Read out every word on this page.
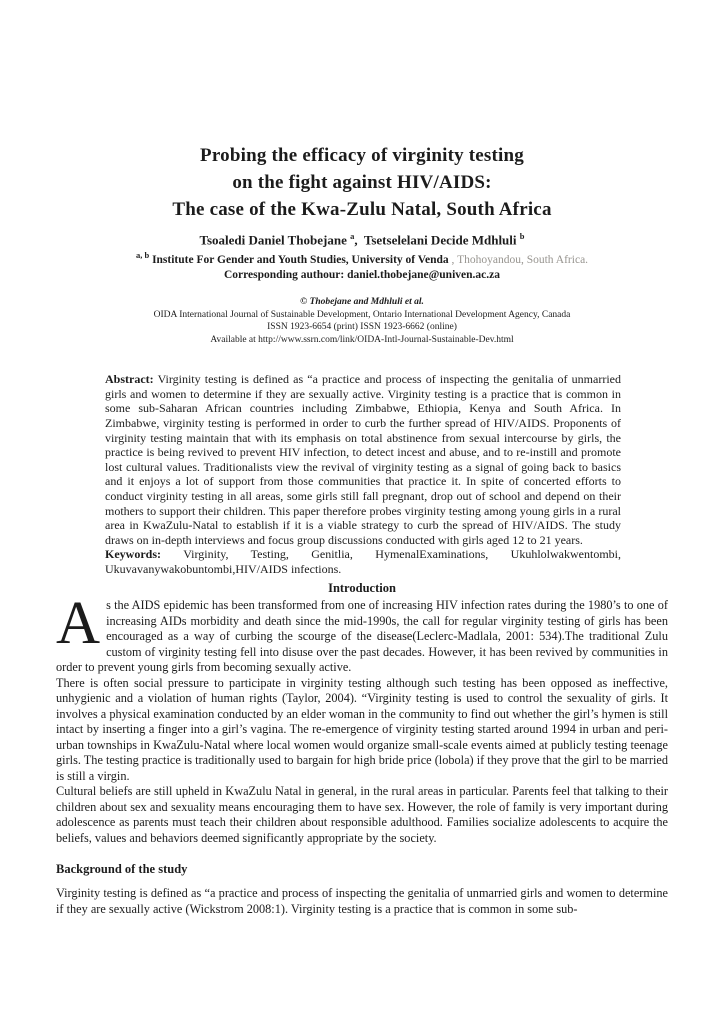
Probing the efficacy of virginity testing
on the fight against HIV/AIDS:
The case of the Kwa-Zulu Natal, South Africa
Tsoaledi Daniel Thobejane $^a$,  Tsetselelani Decide Mdhluli $^b$
$^{a, b}$ Institute For Gender and Youth Studies, University of Venda , Thohoyandou, South Africa.
Corresponding authour: daniel.thobejane@univen.ac.za
© Thobejane and Mdhluli et al.
OIDA International Journal of Sustainable Development, Ontario International Development Agency, Canada
ISSN 1923-6654 (print) ISSN 1923-6662 (online)
Available at http://www.ssrn.com/link/OIDA-Intl-Journal-Sustainable-Dev.html

Abstract: Virginity testing is defined as “a practice and process of inspecting the genitalia of unmarried girls and women to determine if they are sexually active. Virginity testing is a practice that is common in some sub-Saharan African countries including Zimbabwe, Ethiopia, Kenya and South Africa. In Zimbabwe, virginity testing is performed in order to curb the further spread of HIV/AIDS. Proponents of virginity testing maintain that with its emphasis on total abstinence from sexual intercourse by girls, the practice is being revived to prevent HIV infection, to detect incest and abuse, and to re-instill and promote lost cultural values. Traditionalists view the revival of virginity testing as a signal of going back to basics and it enjoys a lot of support from those communities that practice it. In spite of concerted efforts to conduct virginity testing in all areas, some girls still fall pregnant, drop out of school and depend on their mothers to support their children. This paper therefore probes virginity testing among young girls in a rural area in KwaZulu-Natal to establish if it is a viable strategy to curb the spread of HIV/AIDS. The study draws on in-depth interviews and focus group discussions conducted with girls aged 12 to 21 years.

Keywords: Virginity, Testing, Genitlia, HymenalExaminations, Ukuhlolwakwentombi, Ukuvavanywakobuntombi,HIV/AIDS infections.

Introduction

As the AIDS epidemic has been transformed from one of increasing HIV infection rates during the 1980’s to one of increasing AIDs morbidity and death since the mid-1990s, the call for regular virginity testing of girls has been encouraged as a way of curbing the scourge of the disease(Leclerc-Madlala, 2001: 534).The traditional Zulu custom of virginity testing fell into disuse over the past decades. However, it has been revived by communities in order to prevent young girls from becoming sexually active.

There is often social pressure to participate in virginity testing although such testing has been opposed as ineffective, unhygienic and a violation of human rights (Taylor, 2004). “Virginity testing is used to control the sexuality of girls. It involves a physical examination conducted by an elder woman in the community to find out whether the girl’s hymen is still intact by inserting a finger into a girl’s vagina. The re-emergence of virginity testing started around 1994 in urban and peri-urban townships in KwaZulu-Natal where local women would organize small-scale events aimed at publicly testing teenage girls. The testing practice is traditionally used to bargain for high bride price (lobola) if they prove that the girl to be married is still a virgin.

Cultural beliefs are still upheld in KwaZulu Natal in general, in the rural areas in particular. Parents feel that talking to their children about sex and sexuality means encouraging them to have sex. However, the role of family is very important during adolescence as parents must teach their children about responsible adulthood. Families socialize adolescents to acquire the beliefs, values and behaviors deemed significantly appropriate by the society.

Background of the study

Virginity testing is defined as “a practice and process of inspecting the genitalia of unmarried girls and women to determine if they are sexually active (Wickstrom 2008:1). Virginity testing is a practice that is common in some sub-
